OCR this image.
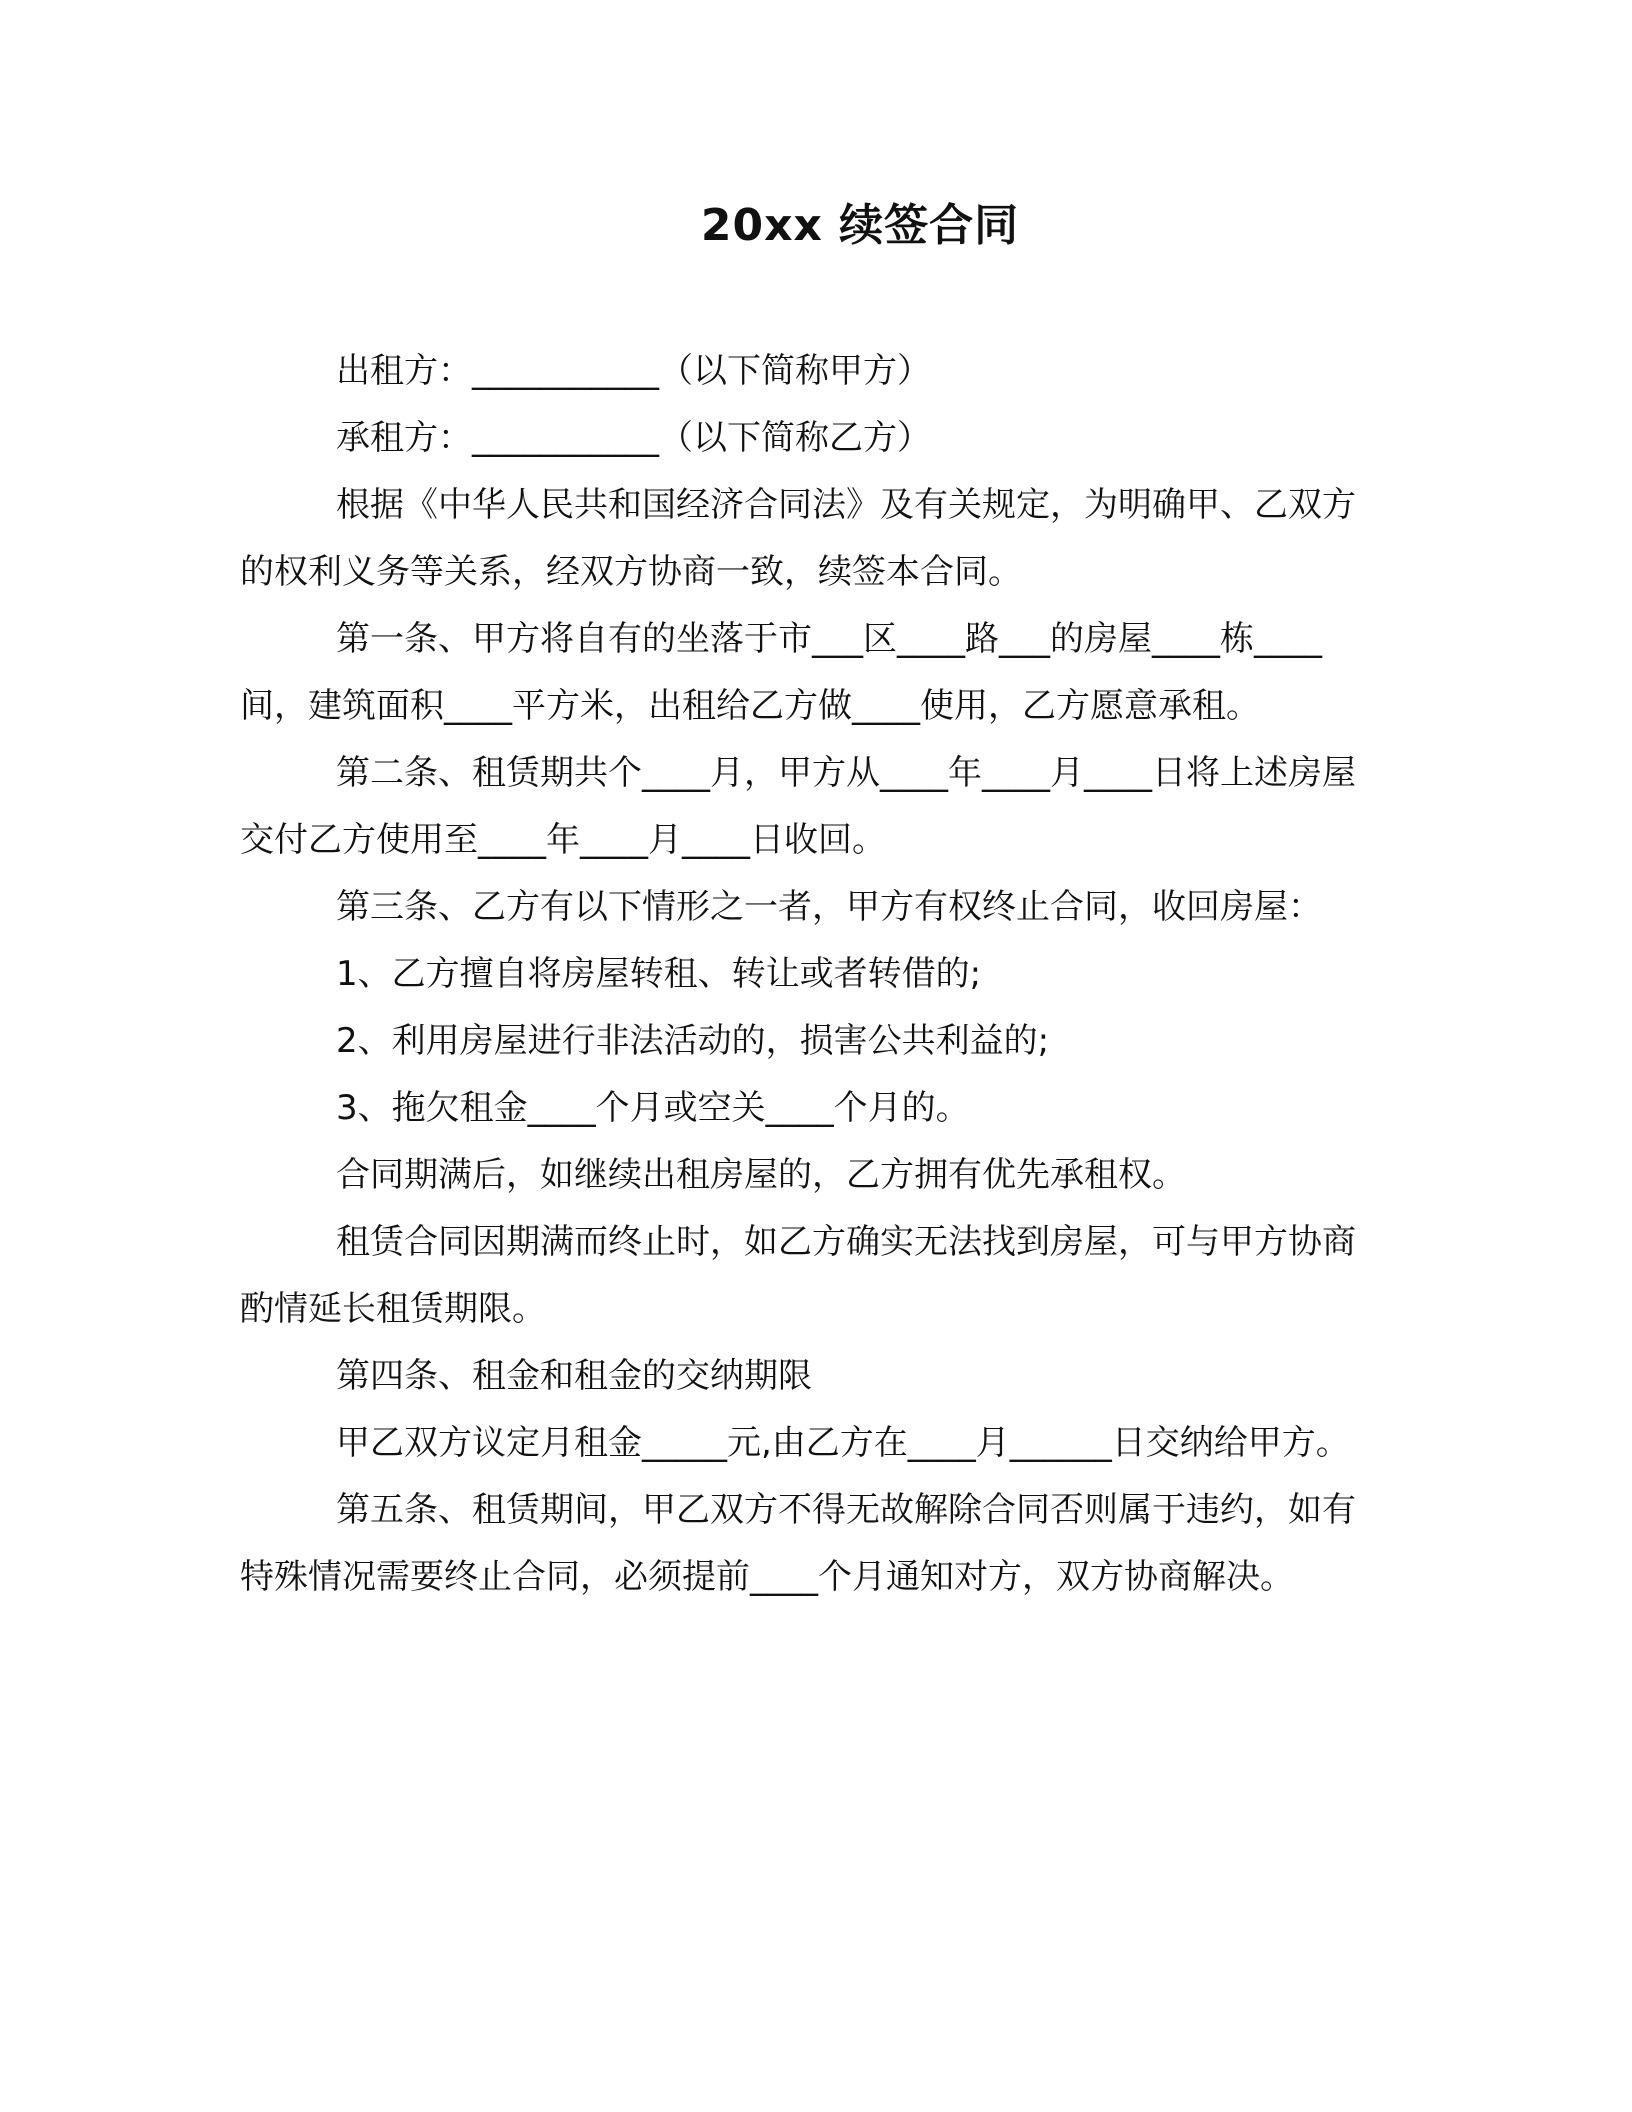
20xx 续签合同

出租方：___________（以下简称甲方）

承租方：___________（以下简称乙方）

根据《中华人民共和国经济合同法》及有关规定，为明确甲、乙双方的权利义务等关系，经双方协商一致，续签本合同。

第一条、甲方将自有的坐落于市___区____路___的房屋____栋____间，建筑面积____平方米，出租给乙方做____使用，乙方愿意承租。

第二条、租赁期共个____月，甲方从____年____月____日将上述房屋交付乙方使用至____年____月____日收回。

第三条、乙方有以下情形之一者，甲方有权终止合同，收回房屋：

1、乙方擅自将房屋转租、转让或者转借的;

2、利用房屋进行非法活动的，损害公共利益的;

3、拖欠租金____个月或空关____个月的。

合同期满后，如继续出租房屋的，乙方拥有优先承租权。

租赁合同因期满而终止时，如乙方确实无法找到房屋，可与甲方协商酌情延长租赁期限。

第四条、租金和租金的交纳期限

甲乙双方议定月租金_____元,由乙方在____月______日交纳给甲方。

第五条、租赁期间，甲乙双方不得无故解除合同否则属于违约，如有特殊情况需要终止合同，必须提前____个月通知对方，双方协商解决。
